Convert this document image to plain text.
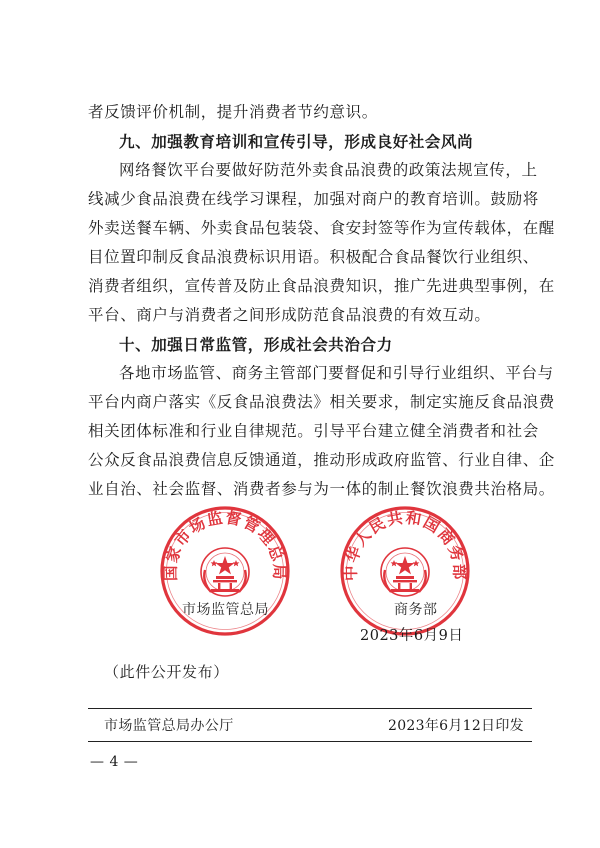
者反馈评价机制，提升消费者节约意识。
九、加强教育培训和宣传引导，形成良好社会风尚
网络餐饮平台要做好防范外卖食品浪费的政策法规宣传，上
线减少食品浪费在线学习课程，加强对商户的教育培训。鼓励将
外卖送餐车辆、外卖食品包装袋、食安封签等作为宣传载体，在醒
目位置印制反食品浪费标识用语。积极配合食品餐饮行业组织、
消费者组织，宣传普及防止食品浪费知识，推广先进典型事例，在
平台、商户与消费者之间形成防范食品浪费的有效互动。
十、加强日常监管，形成社会共治合力
各地市场监管、商务主管部门要督促和引导行业组织、平台与
平台内商户落实《反食品浪费法》相关要求，制定实施反食品浪费
相关团体标准和行业自律规范。引导平台建立健全消费者和社会
公众反食品浪费信息反馈通道，推动形成政府监管、行业自律、企
业自治、社会监督、消费者参与为一体的制止餐饮浪费共治格局。
国家市场监督管理总局	中华人民共和国商务部
市场监管总局	商务部
2023年6月9日
（此件公开发布）
市场监管总局办公厅	2023年6月12日印发
— 4 —
